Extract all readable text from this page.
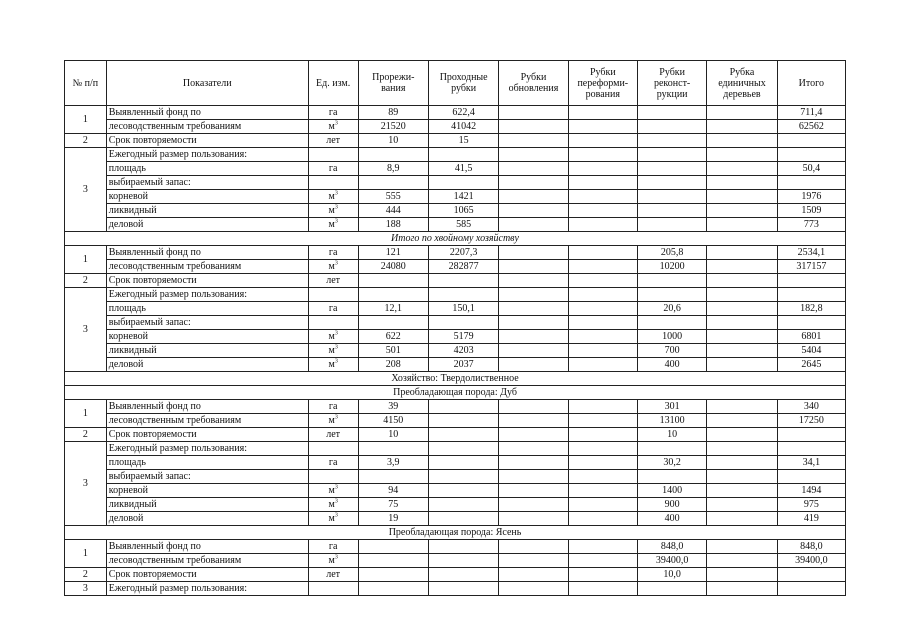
№ п/п	Показатели	Ед. изм.	Прорежи-вания	Проходные рубки	Рубки обновления	Рубки переформи-рования	Рубки реконст-рукции	Рубка единичных деревьев	Итого
1	Выявленный фонд по	га	89	622,4					711,4
	лесоводственным требованиям	$м^3$	21520	41042					62562
2	Срок повторяемости	лет	10	15					
3	Ежегодный размер пользования:								
	площадь	га	8,9	41,5					50,4
	выбираемый запас:								
	корневой	$м^3$	555	1421					1976
	ликвидный	$м^3$	444	1065					1509
	деловой	$м^3$	188	585					773
Итого по хвойному хозяйству									
1	Выявленный фонд по	га	121	2207,3			205,8		2534,1
	лесоводственным требованиям	$м^3$	24080	282877			10200		317157
2	Срок повторяемости	лет							
3	Ежегодный размер пользования:								
	площадь	га	12,1	150,1			20,6		182,8
	выбираемый запас:								
	корневой	$м^3$	622	5179			1000		6801
	ликвидный	$м^3$	501	4203			700		5404
	деловой	$м^3$	208	2037			400		2645
Хозяйство: Твердолиственное									
Преобладающая порода: Дуб									
1	Выявленный фонд по	га	39				301		340
	лесоводственным требованиям	$м^3$	4150				13100		17250
2	Срок повторяемости	лет	10				10		
3	Ежегодный размер пользования:								
	площадь	га	3,9				30,2		34,1
	выбираемый запас:								
	корневой	$м^3$	94				1400		1494
	ликвидный	$м^3$	75				900		975
	деловой	$м^3$	19				400		419
Преобладающая порода: Ясень									
1	Выявленный фонд по	га					848,0		848,0
	лесоводственным требованиям	$м^3$					39400,0		39400,0
2	Срок повторяемости	лет					10,0		
3	Ежегодный размер пользования:								
